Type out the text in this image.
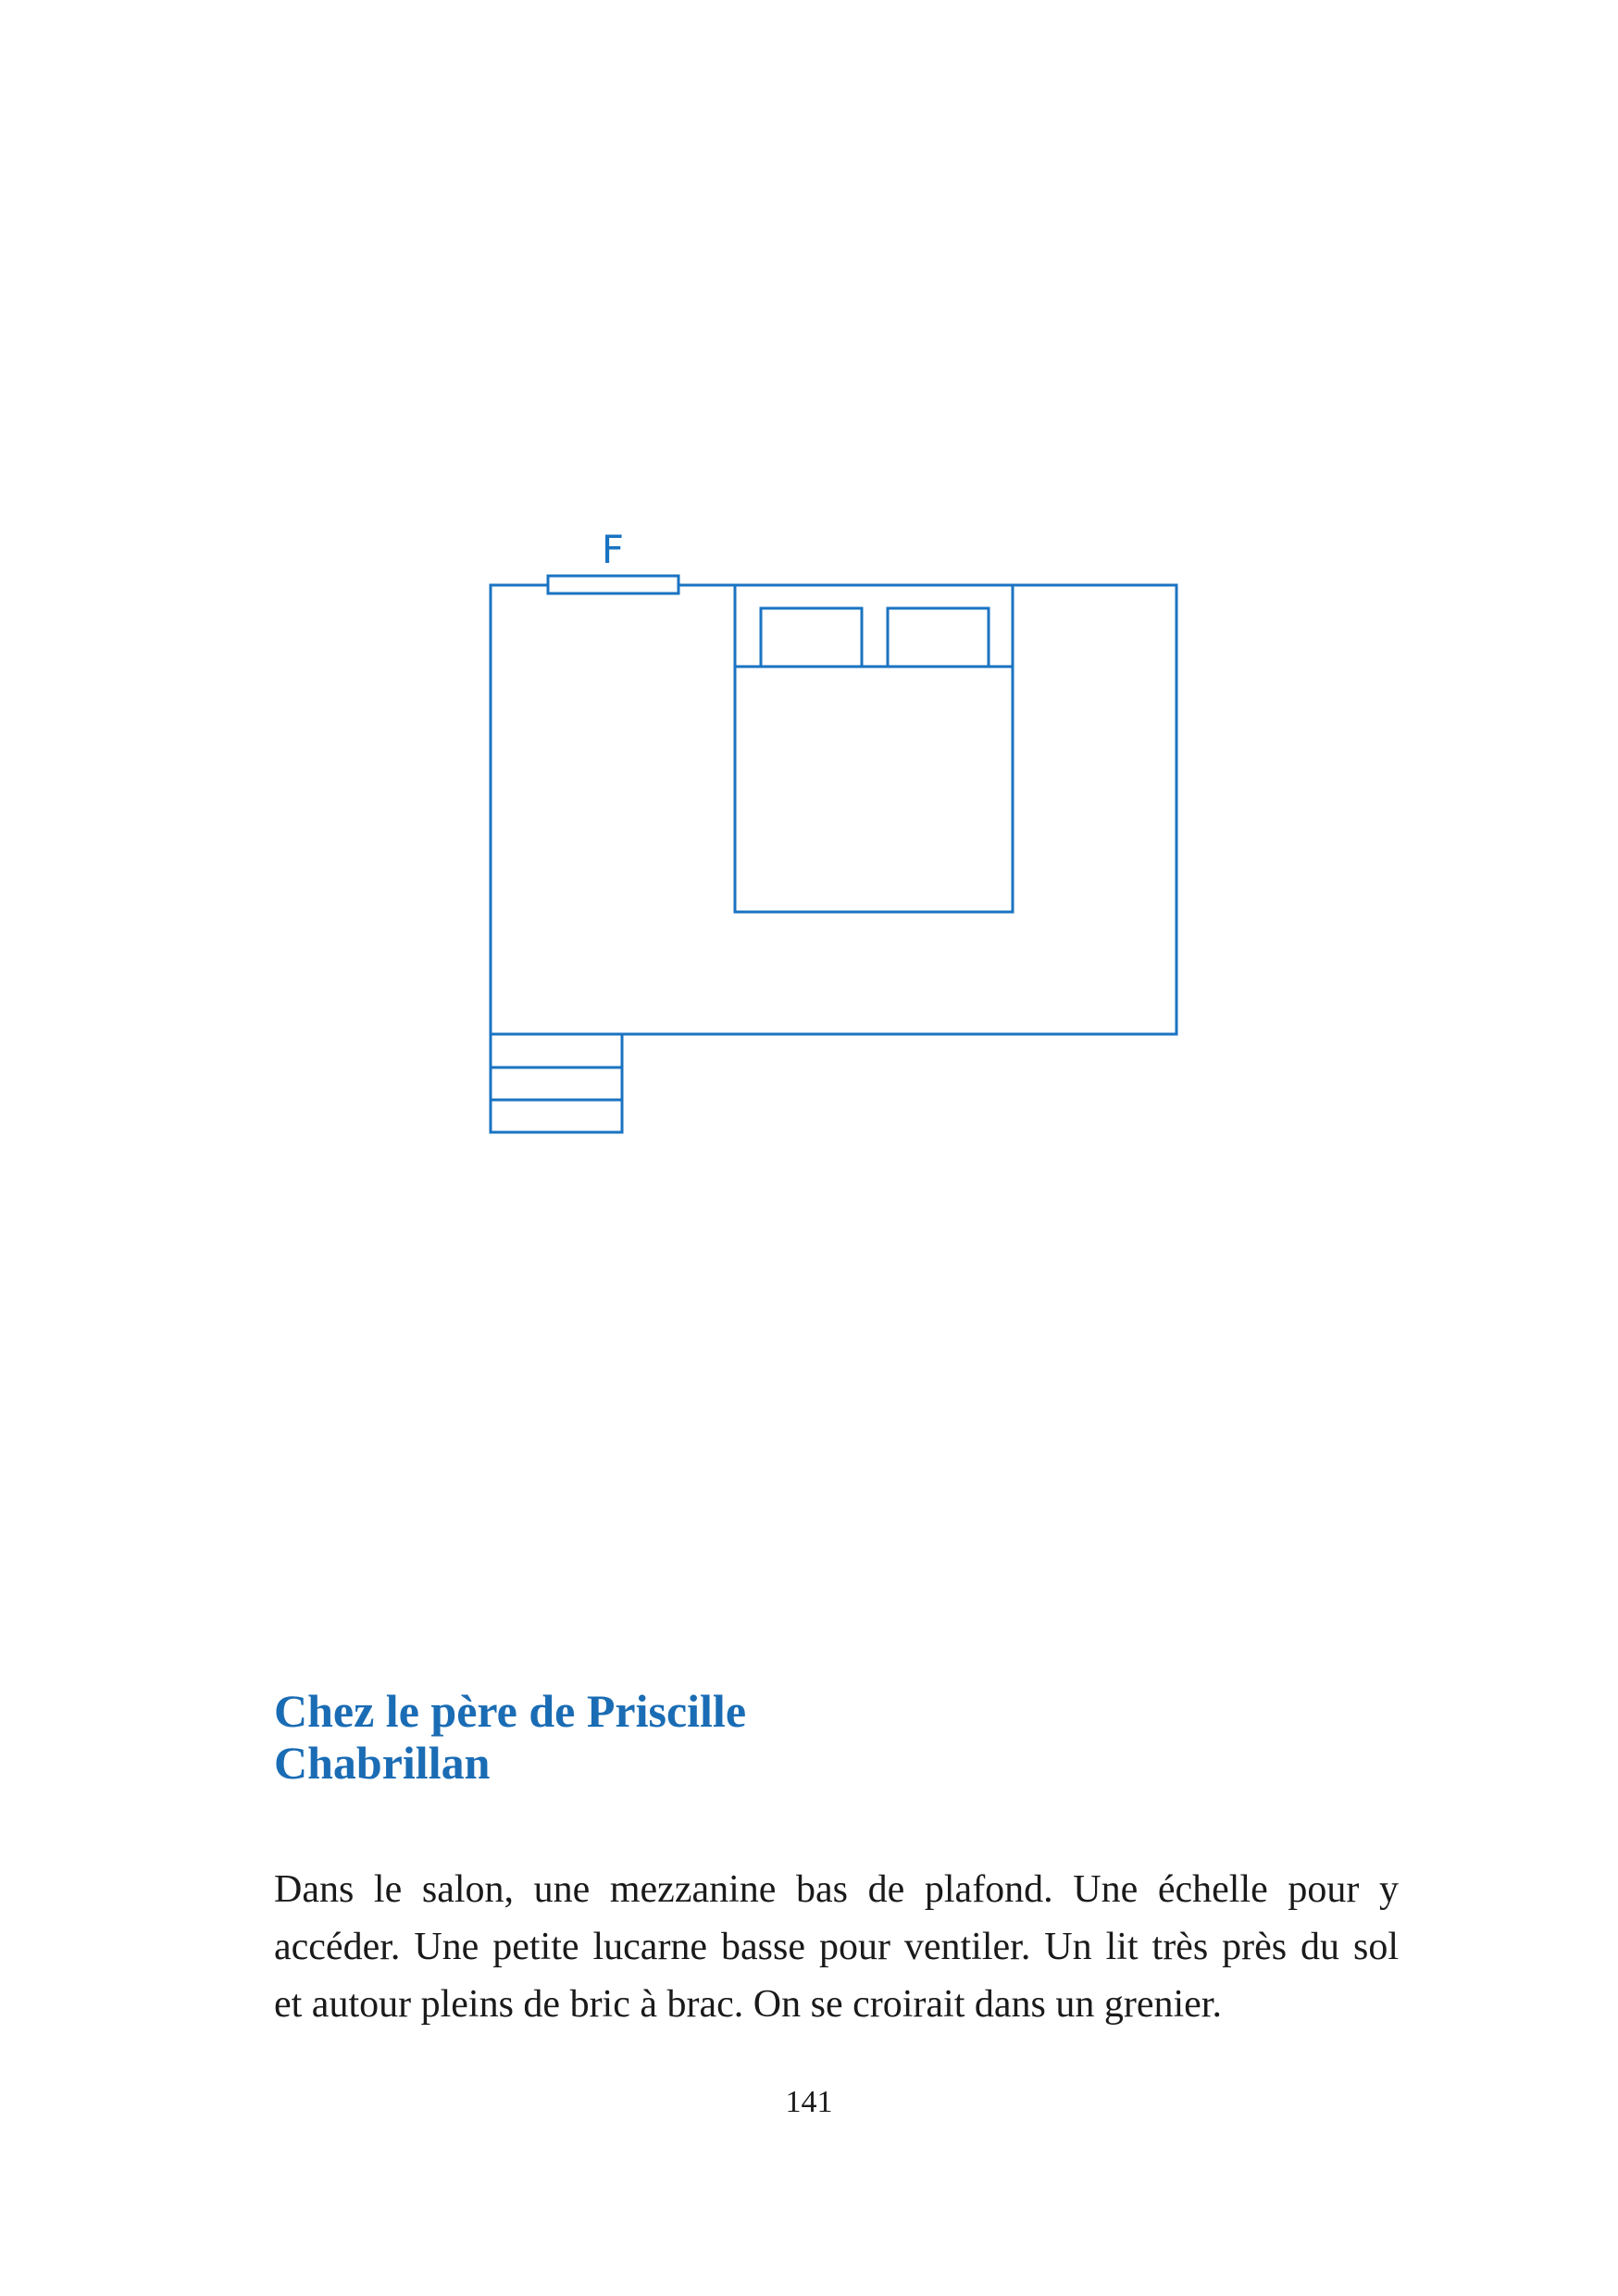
F
Chez le père de Priscille
Chabrillan

Dans le salon, une mezzanine bas de plafond. Une échelle pour y
accéder. Une petite lucarne basse pour ventiler. Un lit très près du sol
et autour pleins de bric à brac. On se croirait dans un grenier.

141
